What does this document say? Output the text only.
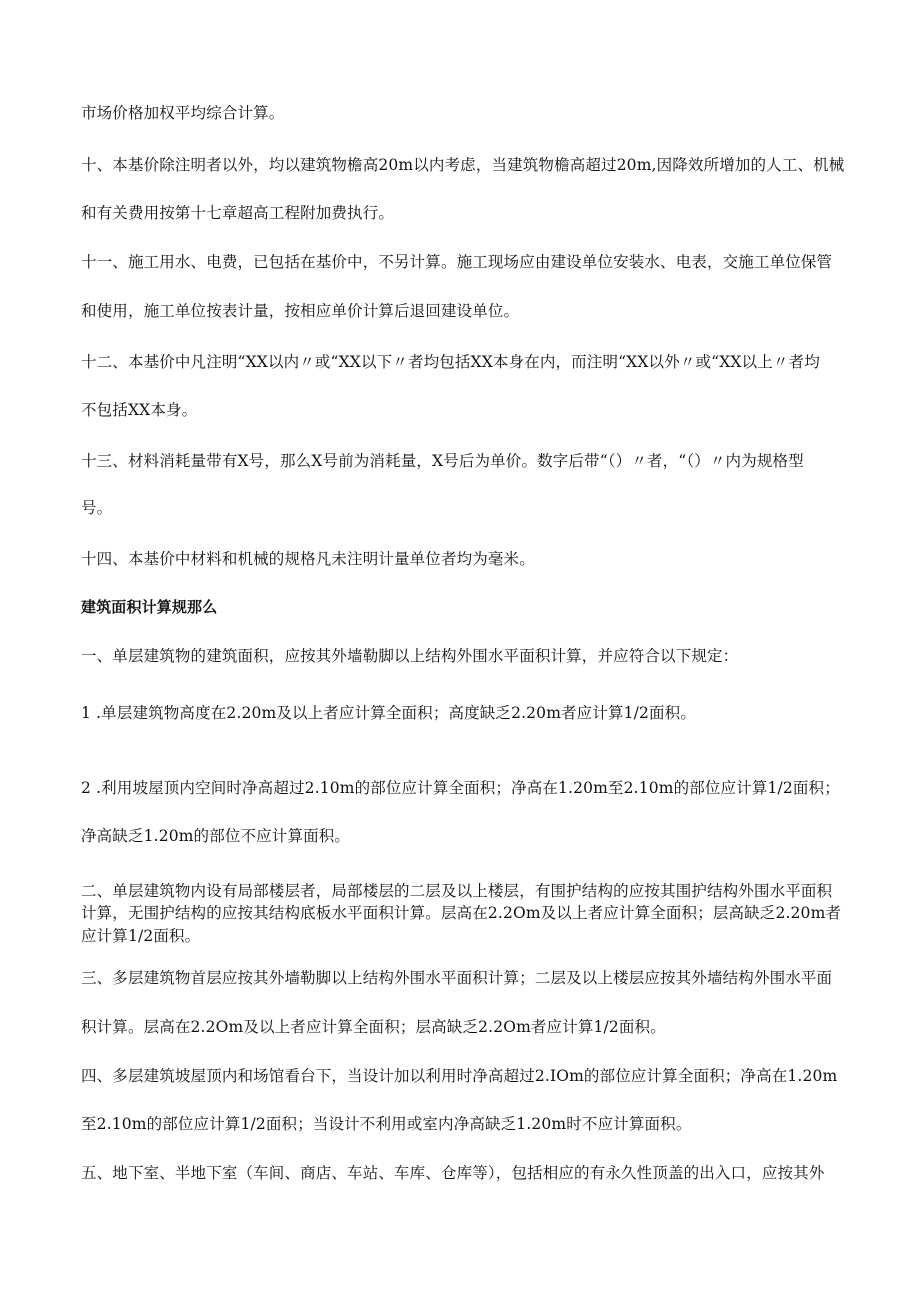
市场价格加权平均综合计算。
十、本基价除注明者以外，均以建筑物檐高20m以内考虑，当建筑物檐高超过20m,因降效所增加的人工、机械
和有关费用按第十七章超高工程附加费执行。
十一、施工用水、电费，已包括在基价中，不另计算。施工现场应由建设单位安装水、电表，交施工单位保管
和使用，施工单位按表计量，按相应单价计算后退回建设单位。
十二、本基价中凡注明“XX以内〃或“XX以下〃者均包括XX本身在内，而注明“XX以外〃或“XX以上〃者均
不包括XX本身。
十三、材料消耗量带有X号，那么X号前为消耗量，X号后为单价。数字后带“（）〃者，“（）〃内为规格型
号。
十四、本基价中材料和机械的规格凡未注明计量单位者均为毫米。
建筑面积计算规那么
一、单层建筑物的建筑面积，应按其外墙勒脚以上结构外围水平面积计算，并应符合以下规定：
1 .单层建筑物高度在2.20m及以上者应计算全面积；高度缺乏2.20m者应计算1/2面积。
2 .利用坡屋顶内空间时净高超过2.10m的部位应计算全面积；净高在1.20m至2.10m的部位应计算1/2面积；
净高缺乏1.20m的部位不应计算面积。
二、单层建筑物内设有局部楼层者，局部楼层的二层及以上楼层，有围护结构的应按其围护结构外围水平面积
计算，无围护结构的应按其结构底板水平面积计算。层高在2.2Om及以上者应计算全面积；层高缺乏2.20m者
应计算1/2面积。
三、多层建筑物首层应按其外墙勒脚以上结构外围水平面积计算；二层及以上楼层应按其外墙结构外围水平面
积计算。层高在2.2Om及以上者应计算全面积；层高缺乏2.2Om者应计算1/2面积。
四、多层建筑坡屋顶内和场馆看台下，当设计加以利用时净高超过2.IOm的部位应计算全面积；净高在1.20m
至2.10m的部位应计算1/2面积；当设计不利用或室内净高缺乏1.20m时不应计算面积。
五、地下室、半地下室（车间、商店、车站、车库、仓库等），包括相应的有永久性顶盖的出入口，应按其外
